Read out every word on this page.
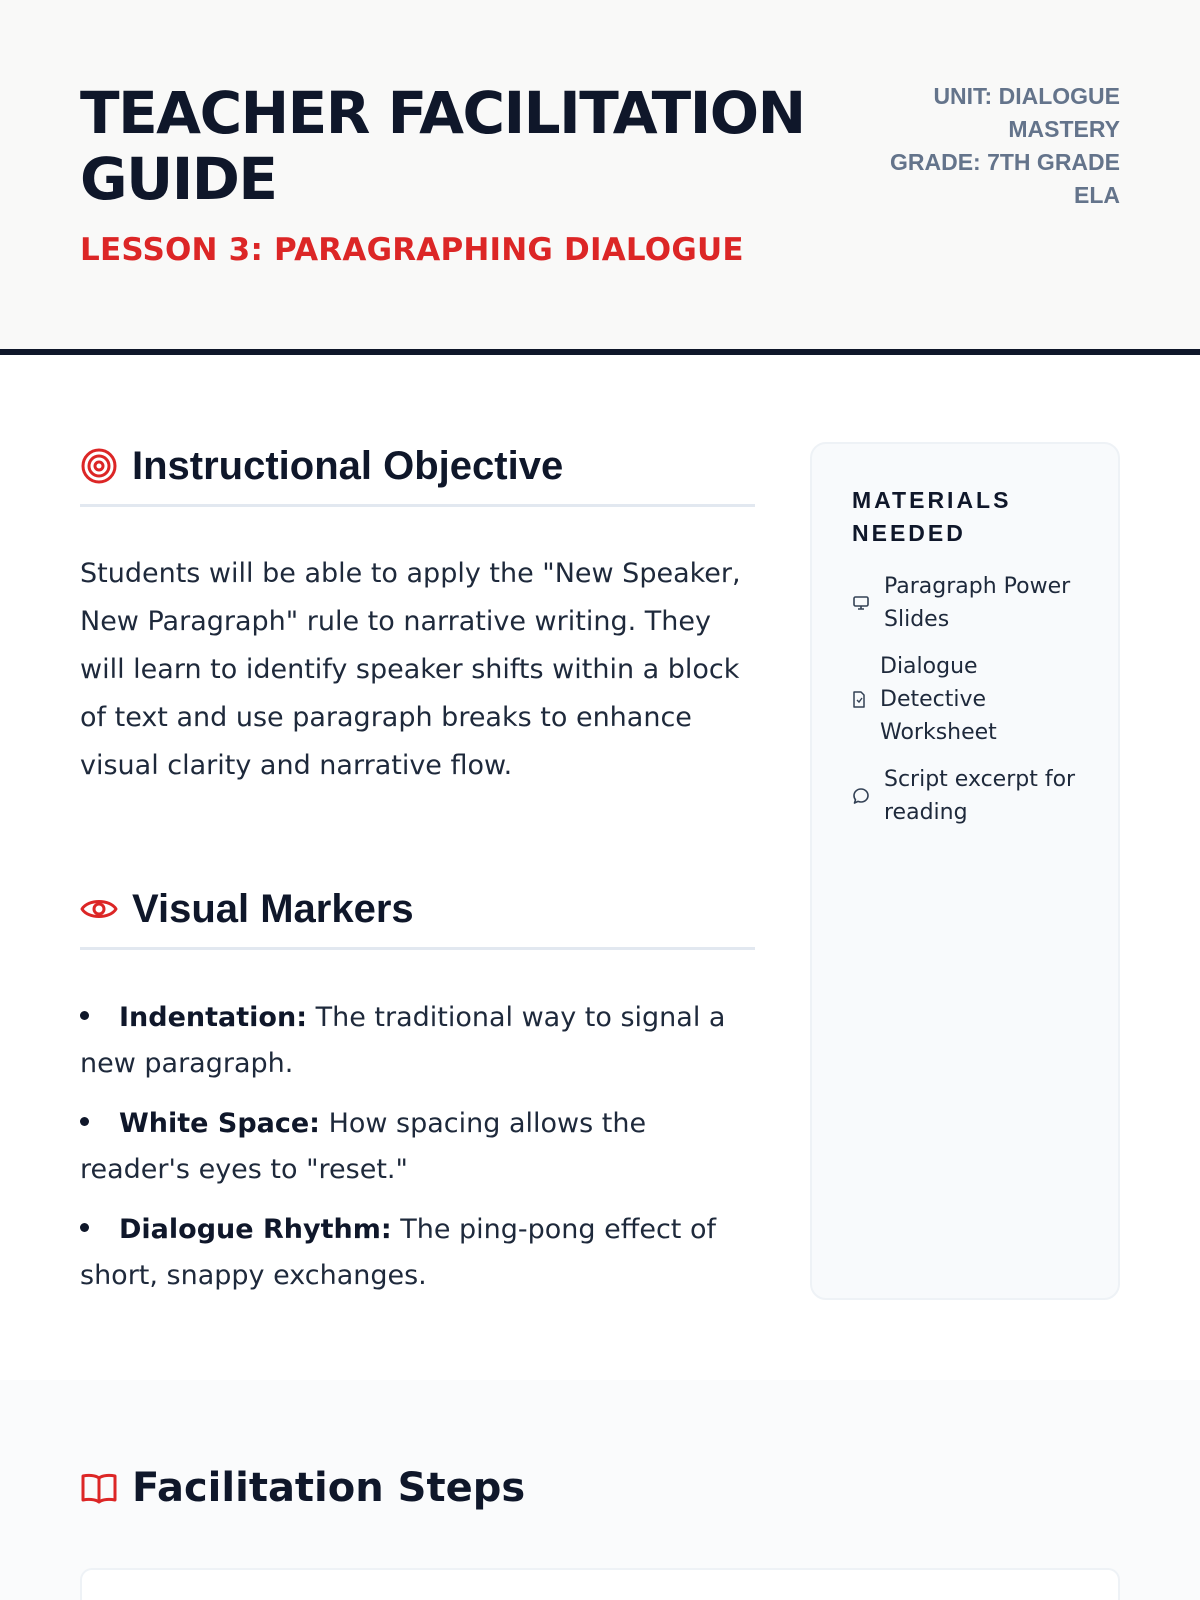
TEACHER FACILITATION GUIDE
LESSON 3: PARAGRAPHING DIALOGUE
UNIT: DIALOGUE MASTERY
GRADE: 7TH GRADE ELA
Instructional Objective

Students will be able to apply the "New Speaker, New Paragraph" rule to narrative writing. They will learn to identify speaker shifts within a block of text and use paragraph breaks to enhance visual clarity and narrative flow.

Visual Markers
Indentation: The traditional way to signal a new paragraph.
White Space: How spacing allows the reader's eyes to "reset."
Dialogue Rhythm: The ping-pong effect of short, snappy exchanges.
MATERIALS NEEDED
Paragraph Power Slides
Dialogue Detective Worksheet
Script excerpt for reading
Facilitation Steps
